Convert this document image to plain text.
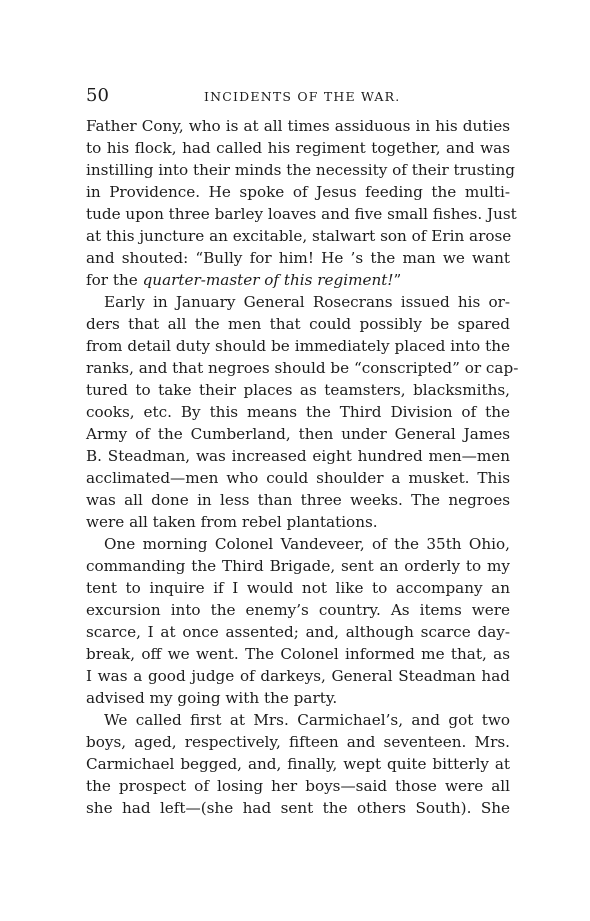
50	INCIDENTS OF THE WAR.
Father Cony, who is at all times assiduous in his duties
to his flock, had called his regiment together, and was
instilling into their minds the necessity of their trusting
in Providence. He spoke of Jesus feeding the multi-
tude upon three barley loaves and five small fishes. Just
at this juncture an excitable, stalwart son of Erin arose
and shouted: “Bully for him! He ’s the man we want
for the quarter-master of this regiment!”
Early in January General Rosecrans issued his or-
ders that all the men that could possibly be spared
from detail duty should be immediately placed into the
ranks, and that negroes should be “conscripted” or cap-
tured to take their places as teamsters, blacksmiths,
cooks, etc. By this means the Third Division of the
Army of the Cumberland, then under General James
B. Steadman, was increased eight hundred men—men
acclimated—men who could shoulder a musket. This
was all done in less than three weeks. The negroes
were all taken from rebel plantations.
One morning Colonel Vandeveer, of the 35th Ohio,
commanding the Third Brigade, sent an orderly to my
tent to inquire if I would not like to accompany an
excursion into the enemy’s country. As items were
scarce, I at once assented; and, although scarce day-
break, off we went. The Colonel informed me that, as
I was a good judge of darkeys, General Steadman had
advised my going with the party.
We called first at Mrs. Carmichael’s, and got two
boys, aged, respectively, fifteen and seventeen. Mrs.
Carmichael begged, and, finally, wept quite bitterly at
the prospect of losing her boys—said those were all
she had left—(she had sent the others South). She
